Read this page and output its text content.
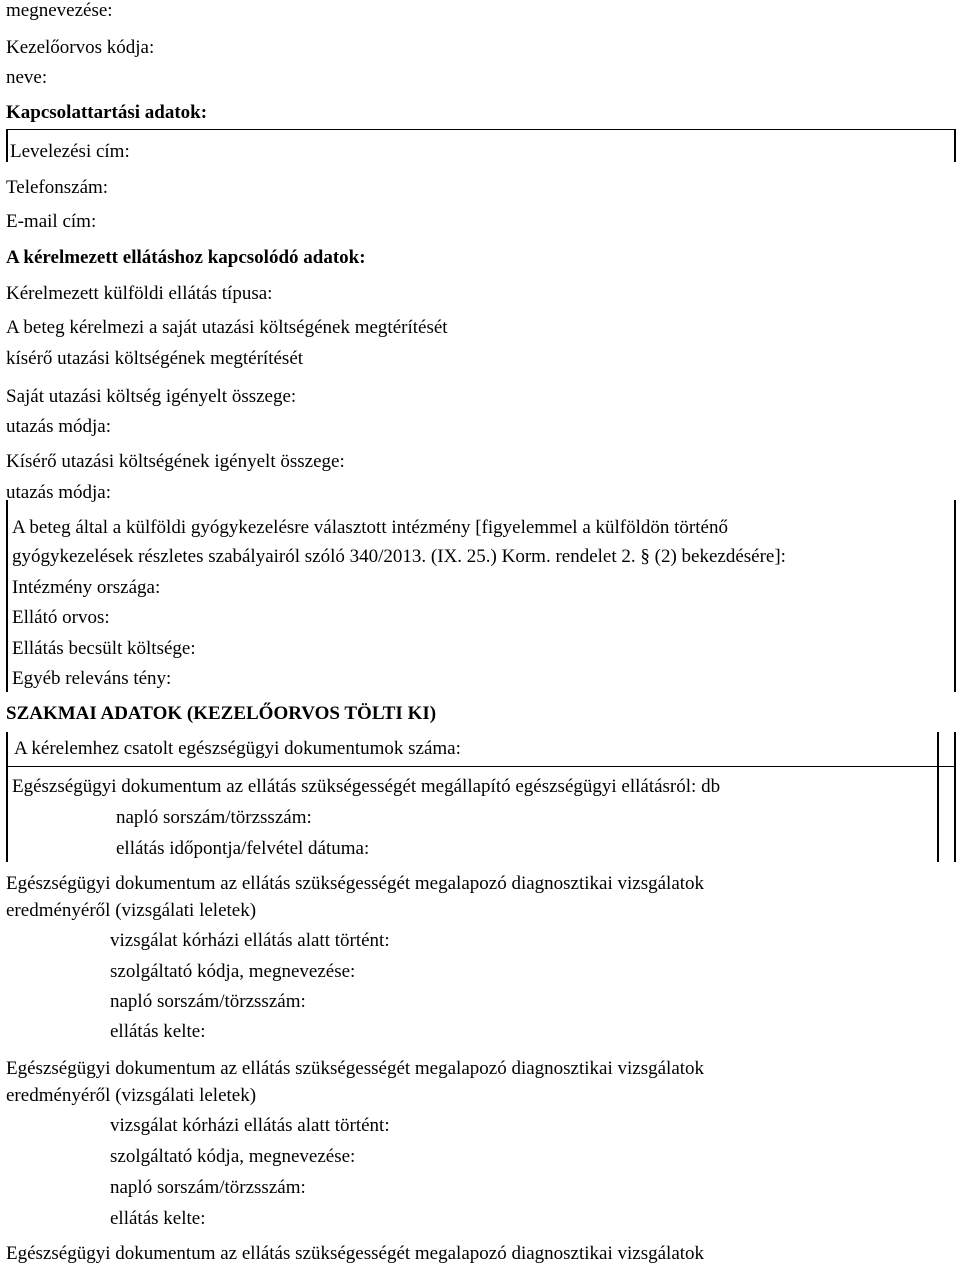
megnevezése:
Kezelőorvos kódja:
neve:
Kapcsolattartási adatok:
Levelezési cím:
Telefonszám:
E-mail cím:
A kérelmezett ellátáshoz kapcsolódó adatok:
Kérelmezett külföldi ellátás típusa:
A beteg kérelmezi a saját utazási költségének megtérítését
kísérő utazási költségének megtérítését
Saját utazási költség igényelt összege:
utazás módja:
Kísérő utazási költségének igényelt összege:
utazás módja:
A beteg által a külföldi gyógykezelésre választott intézmény [figyelemmel a külföldön történő
gyógykezelések részletes szabályairól szóló 340/2013. (IX. 25.) Korm. rendelet 2. § (2) bekezdésére]:
Intézmény országa:
Ellátó orvos:
Ellátás becsült költsége:
Egyéb releváns tény:
SZAKMAI ADATOK (KEZELŐORVOS TÖLTI KI)
A kérelemhez csatolt egészségügyi dokumentumok száma:
Egészségügyi dokumentum az ellátás szükségességét megállapító egészségügyi ellátásról: db
napló sorszám/törzsszám:
ellátás időpontja/felvétel dátuma:
Egészségügyi dokumentum az ellátás szükségességét megalapozó diagnosztikai vizsgálatok
eredményéről (vizsgálati leletek)
vizsgálat kórházi ellátás alatt történt:
szolgáltató kódja, megnevezése:
napló sorszám/törzsszám:
ellátás kelte:
Egészségügyi dokumentum az ellátás szükségességét megalapozó diagnosztikai vizsgálatok
eredményéről (vizsgálati leletek)
vizsgálat kórházi ellátás alatt történt:
szolgáltató kódja, megnevezése:
napló sorszám/törzsszám:
ellátás kelte:
Egészségügyi dokumentum az ellátás szükségességét megalapozó diagnosztikai vizsgálatok
